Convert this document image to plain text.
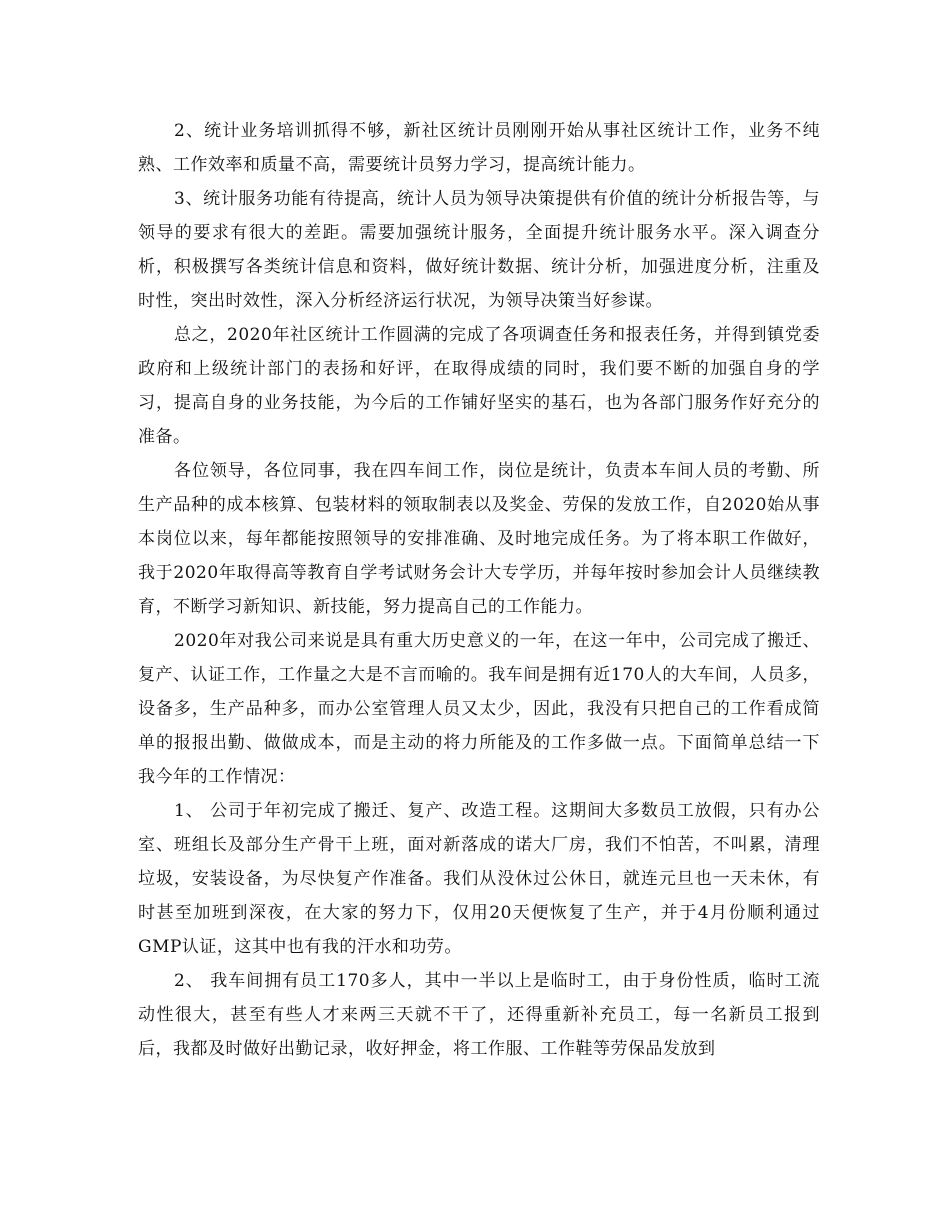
2、统计业务培训抓得不够，新社区统计员刚刚开始从事社区统计工作，业务不纯熟、工作效率和质量不高，需要统计员努力学习，提高统计能力。

3、统计服务功能有待提高，统计人员为领导决策提供有价值的统计分析报告等，与领导的要求有很大的差距。需要加强统计服务，全面提升统计服务水平。深入调查分析，积极撰写各类统计信息和资料，做好统计数据、统计分析，加强进度分析，注重及时性，突出时效性，深入分析经济运行状况，为领导决策当好参谋。

总之，2020年社区统计工作圆满的完成了各项调查任务和报表任务，并得到镇党委政府和上级统计部门的表扬和好评，在取得成绩的同时，我们要不断的加强自身的学习，提高自身的业务技能，为今后的工作铺好坚实的基石，也为各部门服务作好充分的准备。

各位领导，各位同事，我在四车间工作，岗位是统计，负责本车间人员的考勤、所生产品种的成本核算、包装材料的领取制表以及奖金、劳保的发放工作，自2020始从事本岗位以来，每年都能按照领导的安排准确、及时地完成任务。为了将本职工作做好，我于2020年取得高等教育自学考试财务会计大专学历，并每年按时参加会计人员继续教育，不断学习新知识、新技能，努力提高自己的工作能力。

2020年对我公司来说是具有重大历史意义的一年，在这一年中，公司完成了搬迁、复产、认证工作，工作量之大是不言而喻的。我车间是拥有近170人的大车间，人员多，设备多，生产品种多，而办公室管理人员又太少，因此，我没有只把自己的工作看成简单的报报出勤、做做成本，而是主动的将力所能及的工作多做一点。下面简单总结一下我今年的工作情况：

1、 公司于年初完成了搬迁、复产、改造工程。这期间大多数员工放假，只有办公室、班组长及部分生产骨干上班，面对新落成的诺大厂房，我们不怕苦，不叫累，清理垃圾，安装设备，为尽快复产作准备。我们从没休过公休日，就连元旦也一天未休，有时甚至加班到深夜，在大家的努力下，仅用20天便恢复了生产，并于4月份顺利通过GMP认证，这其中也有我的汗水和功劳。

2、 我车间拥有员工170多人，其中一半以上是临时工，由于身份性质，临时工流动性很大，甚至有些人才来两三天就不干了，还得重新补充员工，每一名新员工报到后，我都及时做好出勤记录，收好押金，将工作服、工作鞋等劳保品发放到
